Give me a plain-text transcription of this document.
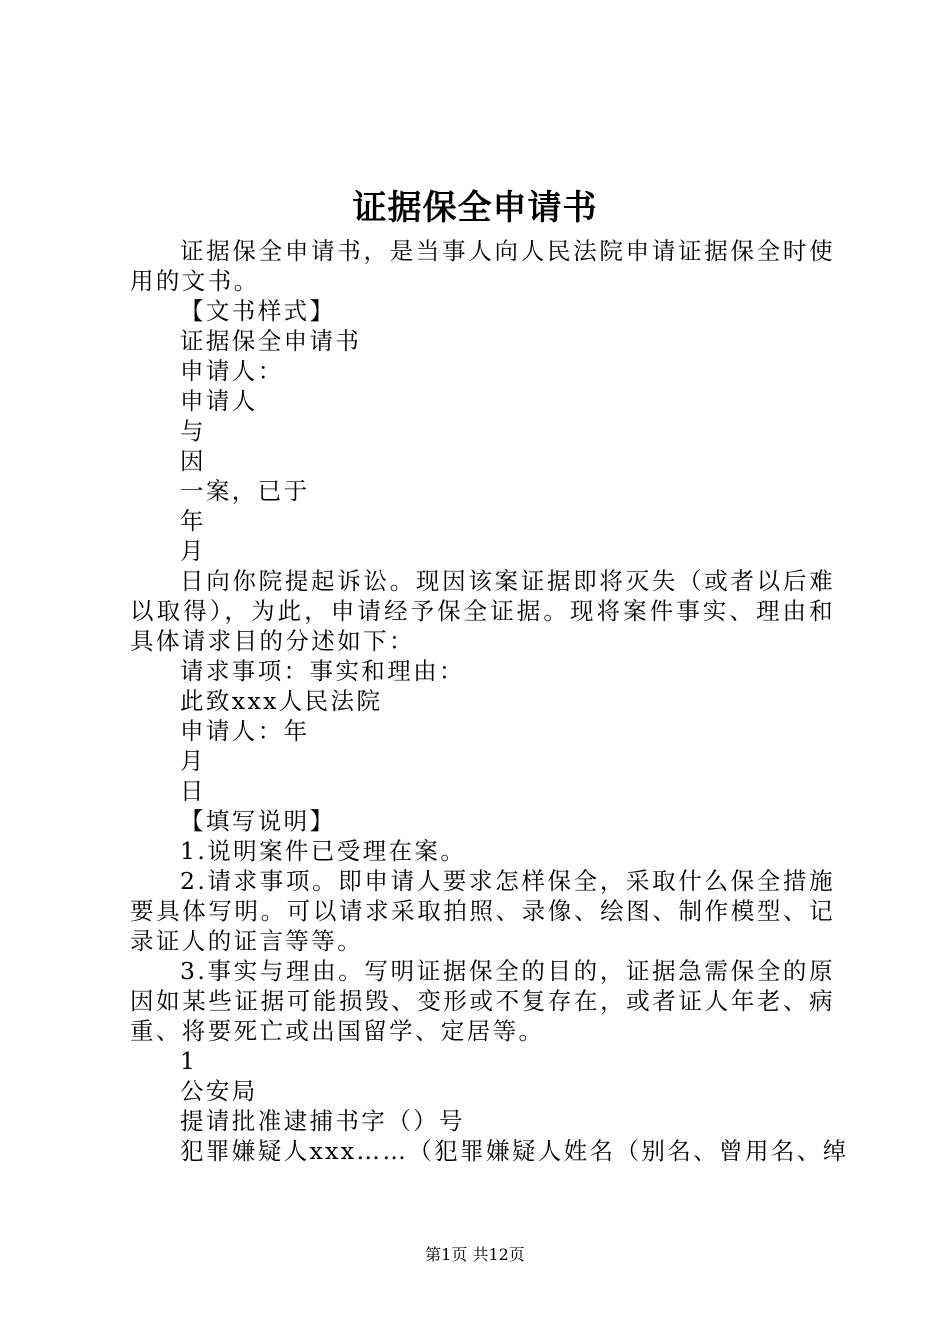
证据保全申请书

证据保全申请书，是当事人向人民法院申请证据保全时使用的文书。

【文书样式】

证据保全申请书

申请人：

申请人

与

因

一案，已于

年

月

日向你院提起诉讼。现因该案证据即将灭失（或者以后难以取得），为此，申请经予保全证据。现将案件事实、理由和具体请求目的分述如下：

请求事项：事实和理由：

此致xxx人民法院

申请人：年

月

日

【填写说明】

1.说明案件已受理在案。

2.请求事项。即申请人要求怎样保全，采取什么保全措施要具体写明。可以请求采取拍照、录像、绘图、制作模型、记录证人的证言等等。

3.事实与理由。写明证据保全的目的，证据急需保全的原因如某些证据可能损毁、变形或不复存在，或者证人年老、病重、将要死亡或出国留学、定居等。

1

公安局

提请批准逮捕书字（）号

犯罪嫌疑人xxx……（犯罪嫌疑人姓名（别名、曾用名、绰

第1页 共12页
